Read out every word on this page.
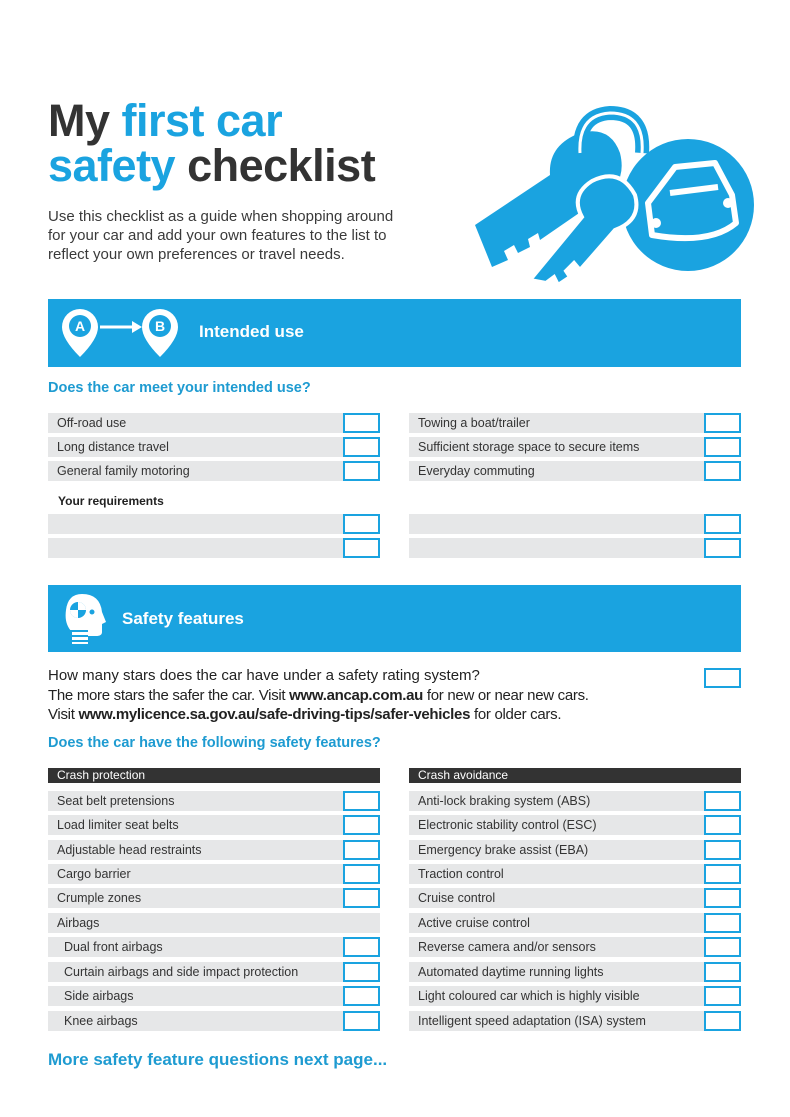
My first car
safety checklist
Use this checklist as a guide when shopping around
for your car and add your own features to the list to
reflect your own preferences or travel needs.
A	B Intended use
Does the car meet your intended use?
Off-road use
Long distance travel
General family motoring
Towing a boat/trailer
Sufficient storage space to secure items
Everyday commuting
Your requirements
Safety features
How many stars does the car have under a safety rating system?
The more stars the safer the car. Visit www.ancap.com.au for new or near new cars.
Visit www.mylicence.sa.gov.au/safe-driving-tips/safer-vehicles for older cars.
Does the car have the following safety features?
Crash protection
Seat belt pretensions
Load limiter seat belts
Adjustable head restraints
Cargo barrier
Crumple zones
Airbags
Dual front airbags
Curtain airbags and side impact protection
Side airbags
Knee airbags
Crash avoidance
Anti-lock braking system (ABS)
Electronic stability control (ESC)
Emergency brake assist (EBA)
Traction control
Cruise control
Active cruise control
Reverse camera and/or sensors
Automated daytime running lights
Light coloured car which is highly visible
Intelligent speed adaptation (ISA) system
More safety feature questions next page...
